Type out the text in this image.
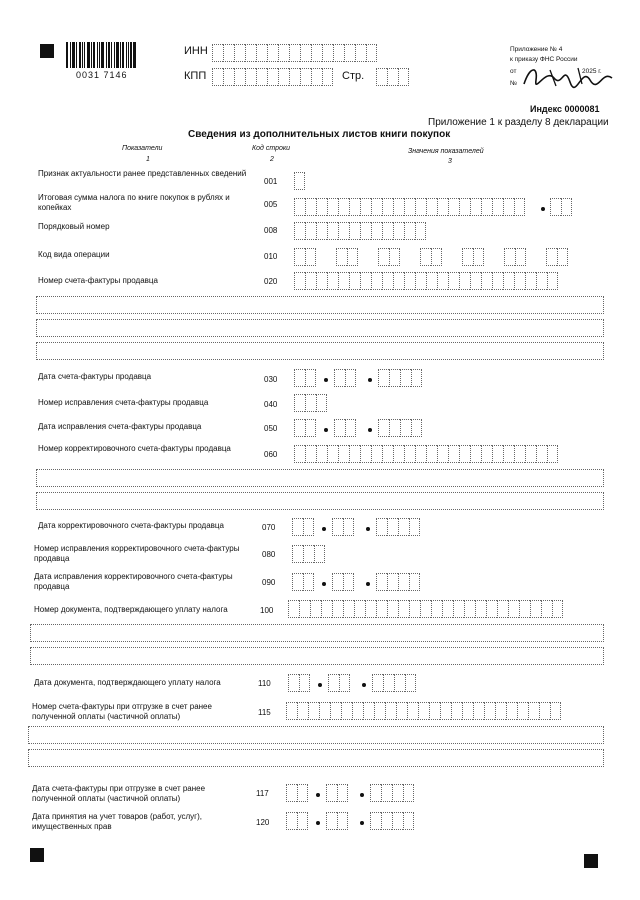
0031 7146
ИНН
КПП	Стр.
Приложение № 4
к приказу ФНС России
от	2025 г.
№
Индекс 0000081
Приложение 1 к разделу 8 декларации
Сведения из дополнительных листов книги покупок
Показатели
1
Код строки
2
Значения показателей
3
Признак актуальности ранее представленных сведений
001
Итоговая сумма налога по книге покупок в рублях и копейках	005
Порядковый номер	008
Код вида операции	010
Номер счета-фактуры продавца	020
Дата счета-фактуры продавца	030
Номер исправления счета-фактуры продавца	040
Дата исправления счета-фактуры продавца	050
Номер корректировочного счета-фактуры продавца
060
Дата корректировочного счета-фактуры продавца	070
Номер исправления корректировочного счета-фактуры продавца	080
Дата исправления корректировочного счета-фактуры продавца	090
Номер документа, подтверждающего уплату налога	100
Дата документа, подтверждающего уплату налога	110
Номер счета-фактуры при отгрузке в счет ранее полученной оплаты (частичной оплаты)	115
Дата счета-фактуры при отгрузке в счет ранее полученной оплаты (частичной оплаты)
117
Дата принятия на учет товаров (работ, услуг), имущественных прав	120
